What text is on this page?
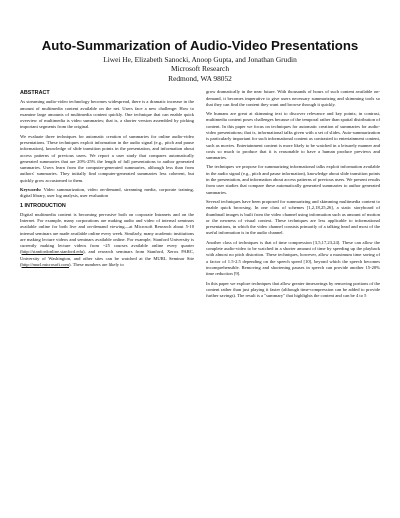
Auto-Summarization of Audio-Video Presentations
Liwei He, Elizabeth Sanocki, Anoop Gupta, and Jonathan Grudin
Microsoft Research
Redmond, WA 98052
ABSTRACT

As streaming audio-video technology becomes widespread, there is a dramatic increase in the amount of multimedia content available on the net. Users face a new challenge: How to examine large amounts of multimedia content quickly. One technique that can enable quick overview of multimedia is video summaries; that is, a shorter version assembled by picking important segments from the original.

We evaluate three techniques for automatic creation of summaries for online audio-video presentations. These techniques exploit information in the audio signal (e.g., pitch and pause information), knowledge of slide transition points in the presentation, and information about access patterns of previous users. We report a user study that compares automatically generated summaries that are 20%-25% the length of full presentations to author generated summaries. Users learn from the computer-generated summaries, although less than from authors' summaries. They initially find computer-generated summaries less coherent, but quickly grow accustomed to them.

Keywords: Video summarization, video on-demand, streaming media, corporate training, digital library, user log analysis, user evaluation

1 INTRODUCTION

Digital multimedia content is becoming pervasive both on corporate Intranets and on the Internet. For example, many corporations are making audio and video of internal seminars available online for both live and on-demand viewing—at Microsoft Research about 5-10 internal seminars are made available online every week. Similarly, many academic institutions are making lecture videos and seminars available online. For example, Stanford University is currently making lecture videos from ~25 courses available online every quarter (http://stanfordonline.stanford.edu), and research seminars from Stanford, Xerox PARC, University of Washington, and other sites can be watched at the MURL Seminar Site (http://murl.microsoft.com). These numbers are likely to

grow dramatically in the near future. With thousands of hours of such content available on-demand, it becomes imperative to give users necessary summarizing and skimming tools so that they can find the content they want and browse through it quickly.

We humans are great at skimming text to discover relevance and key points; in contrast, multimedia content poses challenges because of the temporal rather than spatial distribution of content. In this paper we focus on techniques for automatic creation of summaries for audio-video presentations; that is, informational talks given with a set of slides. Auto-summarization is particularly important for such informational content as contrasted to entertainment content, such as movies. Entertainment content is more likely to be watched in a leisurely manner and costs so much to produce that it is reasonable to have a human produce previews and summaries.

The techniques we propose for summarizing informational talks exploit information available in the audio signal (e.g., pitch and pause information), knowledge about slide transition points in the presentation, and information about access patterns of previous users. We present results from user studies that compare these automatically generated summaries to author generated summaries.

Several techniques have been proposed for summarizing and skimming multimedia content to enable quick browsing. In one class of schemes [1,2,18,25,26], a static storyboard of thumbnail images is built from the video channel using information such as amount of motion or the newness of visual context. These techniques are less applicable to informational presentations, in which the video channel consists primarily of a talking head and most of the useful information is in the audio channel.

Another class of techniques is that of time compression [3,5,17,23,24]. These can allow the complete audio-video to be watched in a shorter amount of time by speeding up the playback with almost no pitch distortion. These techniques, however, allow a maximum time saving of a factor of 1.5-2.5 depending on the speech speed [10], beyond which the speech becomes incomprehensible. Removing and shortening pauses in speech can provide another 15-20% time reduction [9].

In this paper we explore techniques that allow greater timesavings by removing portions of the content rather than just playing it faster (although time-compression can be added to provide further savings). The result is a "summary" that highlights the content and can be 4 to 5
